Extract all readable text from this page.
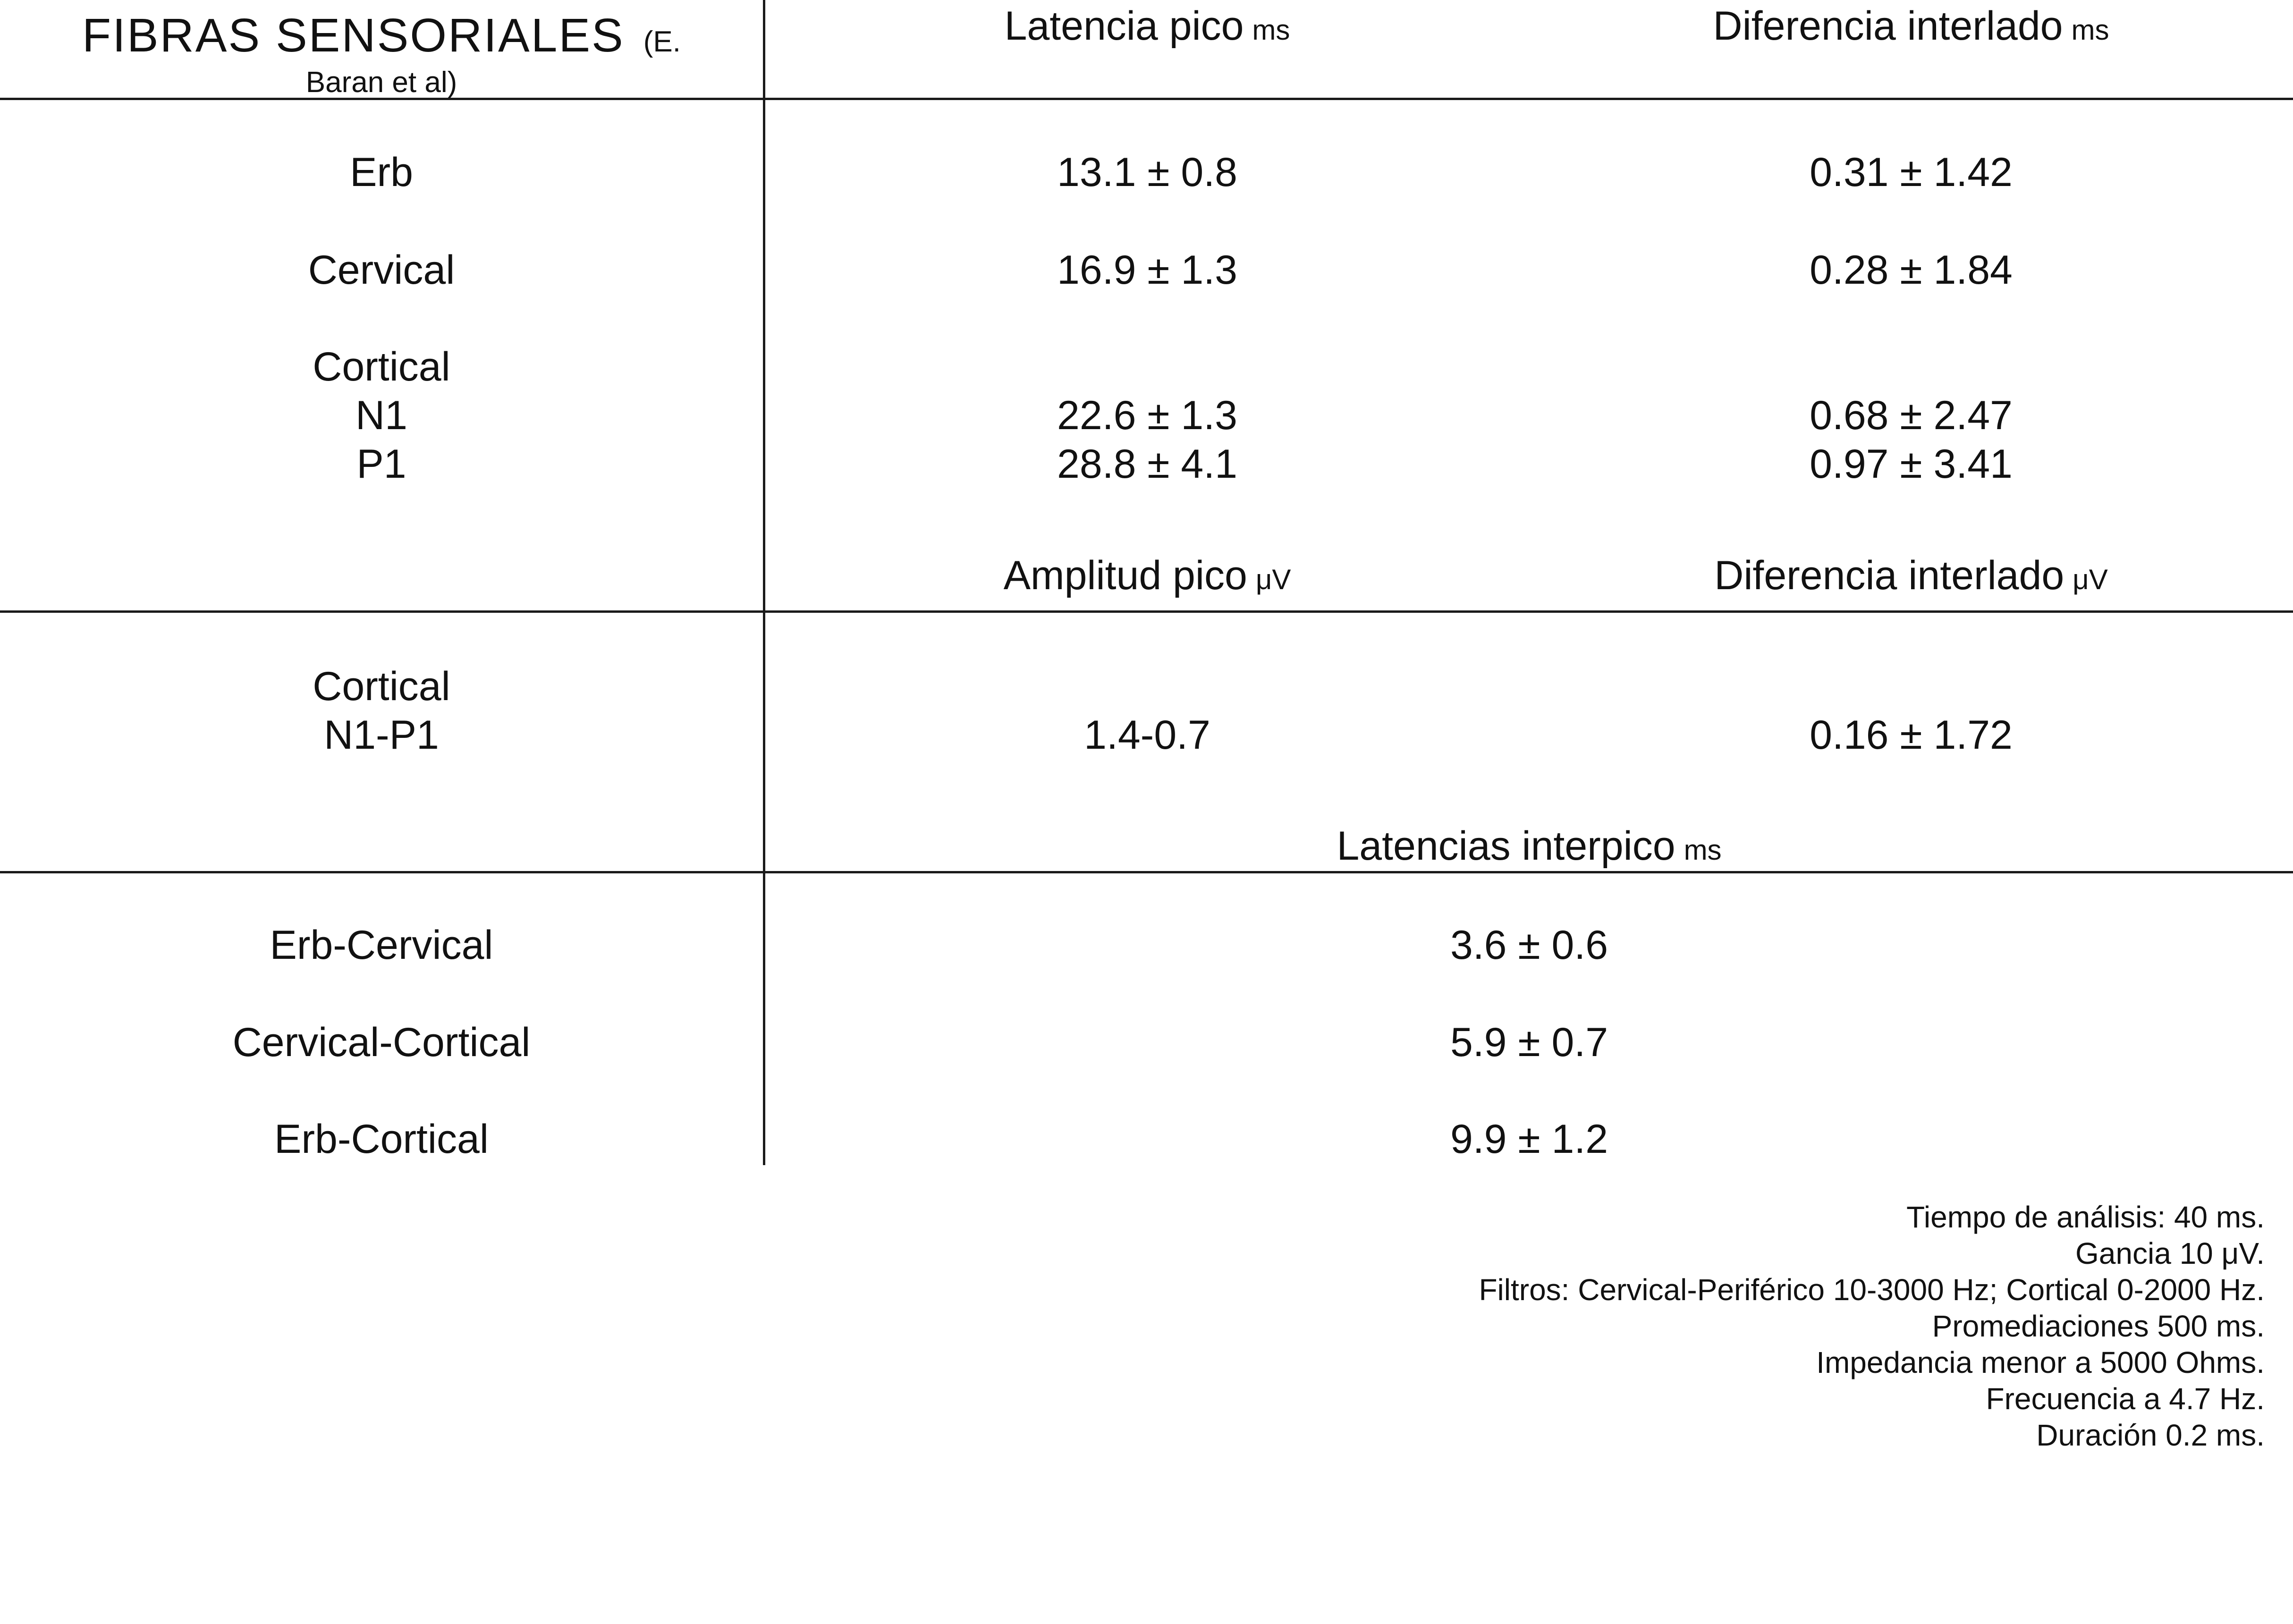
FIBRAS SENSORIALES (E.
Baran et al)
Latencia pico ms	Diferencia interlado ms
Erb	13.1 ± 0.8	0.31 ± 1.42
Cervical	16.9 ± 1.3	0.28 ± 1.84
Cortical
N1	22.6 ± 1.3	0.68 ± 2.47
P1	28.8 ± 4.1	0.97 ± 3.41
Amplitud pico μV	Diferencia interlado μV
Cortical
N1-P1	1.4-0.7	0.16 ± 1.72
Latencias interpico ms
Erb-Cervical	3.6 ± 0.6
Cervical-Cortical	5.9 ± 0.7
Erb-Cortical	9.9 ± 1.2
Tiempo de análisis: 40 ms.
Gancia 10 μV.
Filtros: Cervical-Periférico 10-3000 Hz; Cortical 0-2000 Hz.
Promediaciones 500 ms.
Impedancia menor a 5000 Ohms.
Frecuencia a 4.7 Hz.
Duración 0.2 ms.
